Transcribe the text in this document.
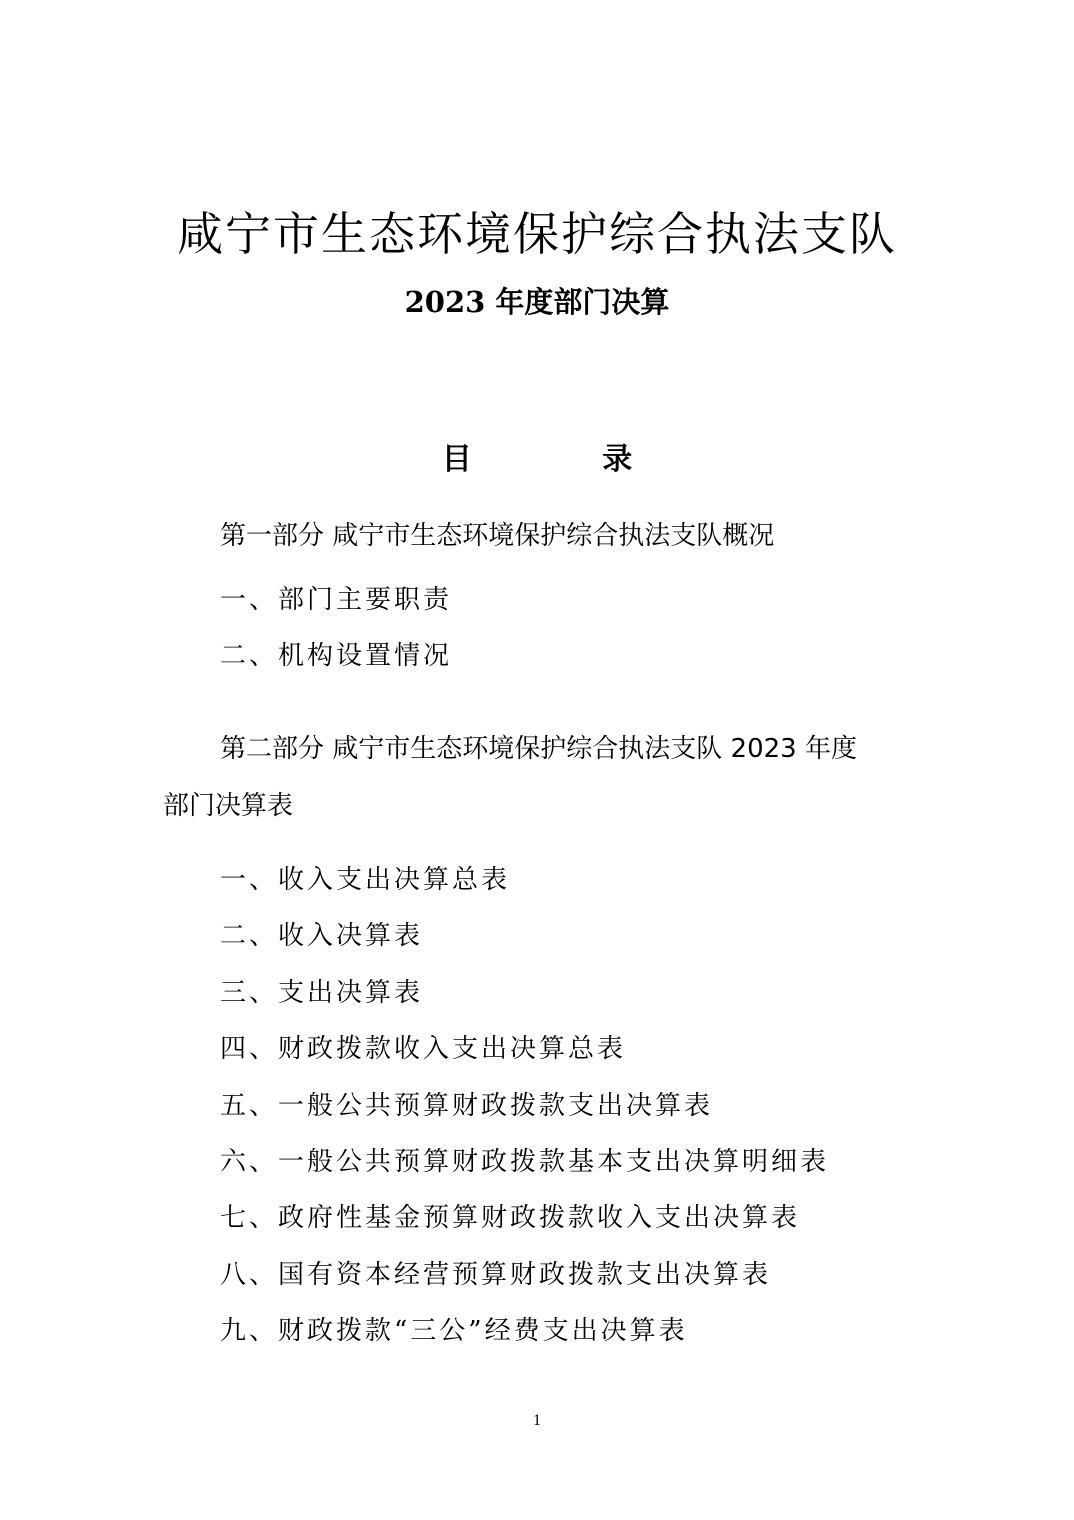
咸宁市生态环境保护综合执法支队
2023 年度部门决算
目 录
第一部分 咸宁市生态环境保护综合执法支队概况
一、部门主要职责
二、机构设置情况
第二部分 咸宁市生态环境保护综合执法支队 2023 年度
部门决算表
一、收入支出决算总表
二、收入决算表
三、支出决算表
四、财政拨款收入支出决算总表
五、一般公共预算财政拨款支出决算表
六、一般公共预算财政拨款基本支出决算明细表
七、政府性基金预算财政拨款收入支出决算表
八、国有资本经营预算财政拨款支出决算表
九、财政拨款“三公”经费支出决算表
1
